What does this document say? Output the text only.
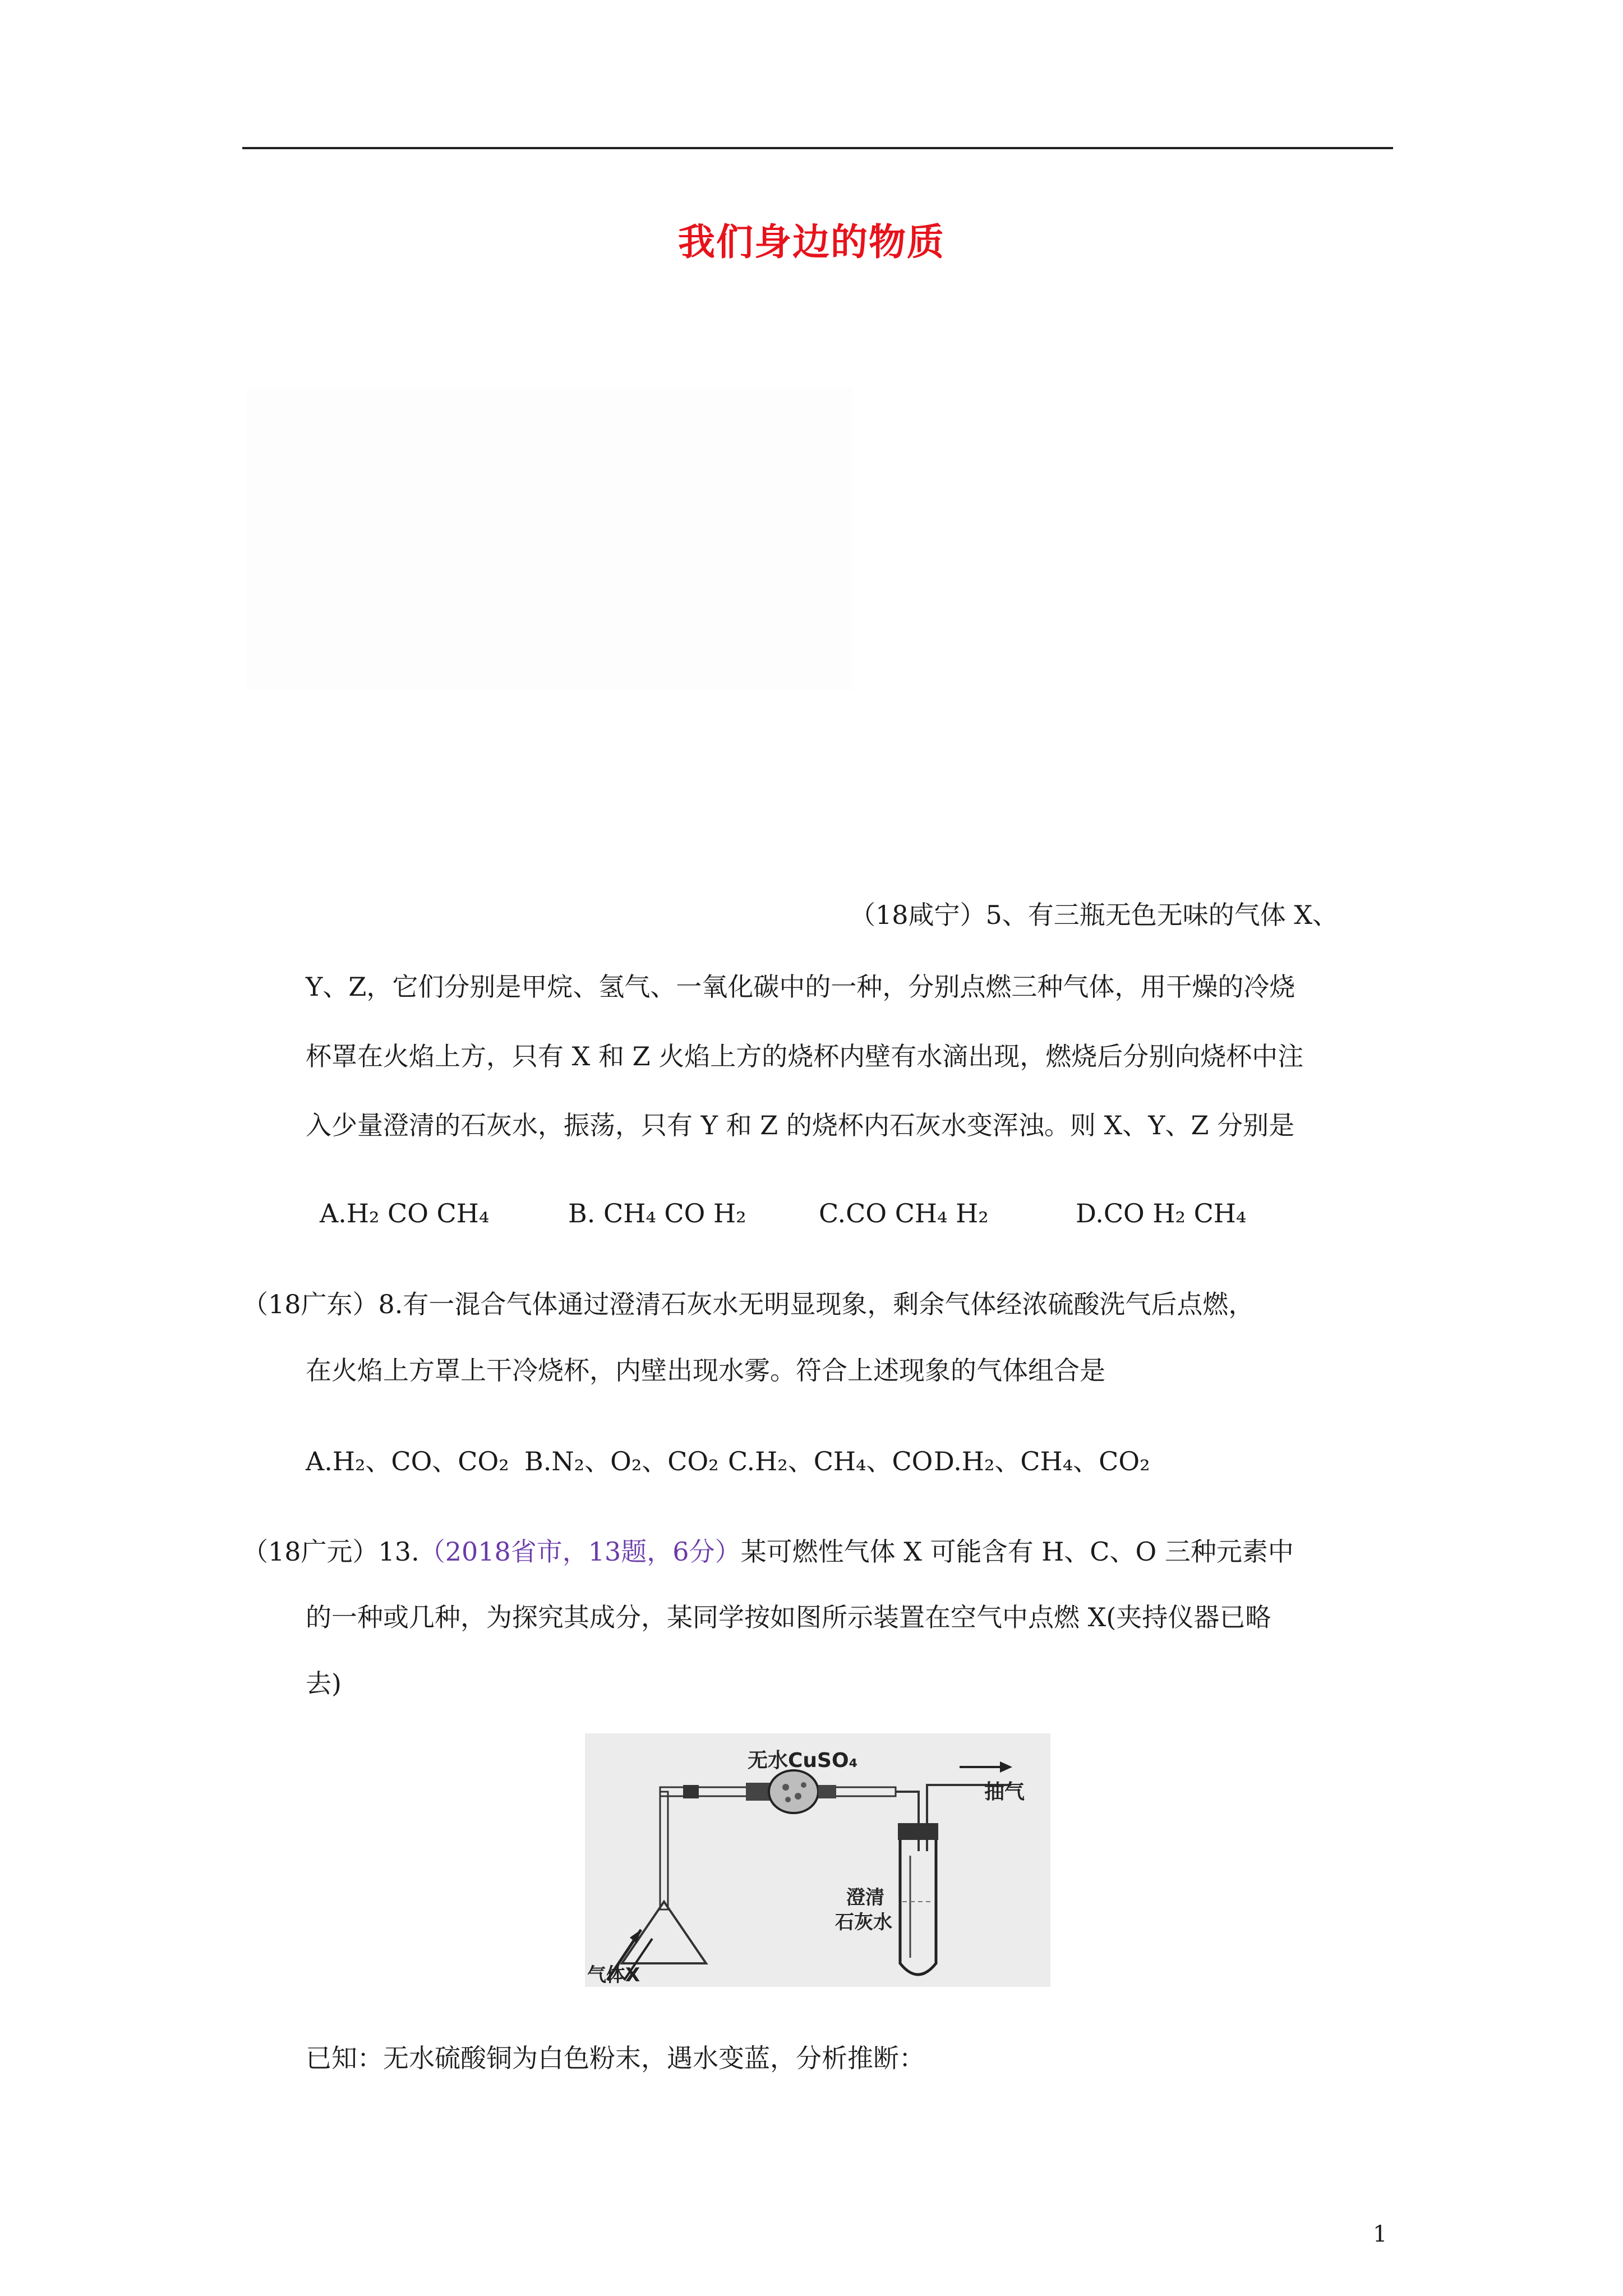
我们身边的物质
（18咸宁）5、有三瓶无色无味的气体 X、
Y、Z，它们分别是甲烷、氢气、一氧化碳中的一种，分别点燃三种气体，用干燥的冷烧
杯罩在火焰上方，只有 X 和 Z 火焰上方的烧杯内壁有水滴出现，燃烧后分别向烧杯中注
入少量澄清的石灰水，振荡，只有 Y 和 Z 的烧杯内石灰水变浑浊。则 X、Y、Z 分别是
A.H₂ CO CH₄	B. CH₄ CO H₂	C.CO CH₄ H₂	D.CO H₂ CH₄
（18广东）8.有一混合气体通过澄清石灰水无明显现象，剩余气体经浓硫酸洗气后点燃，
在火焰上方罩上干冷烧杯，内壁出现水雾。符合上述现象的气体组合是
A.H₂、CO、CO₂ B.N₂、O₂、CO₂ C.H₂、CH₄、CO D.H₂、CH₄、CO₂
（18广元）13.（2018省市，13题，6分）某可燃性气体 X 可能含有 H、C、O 三种元素中
的一种或几种，为探究其成分，某同学按如图所示装置在空气中点燃 X(夹持仪器已略
去)
无水CuSO₄
抽气
澄清
石灰水
气体X
已知：无水硫酸铜为白色粉末，遇水变蓝，分析推断：
1
